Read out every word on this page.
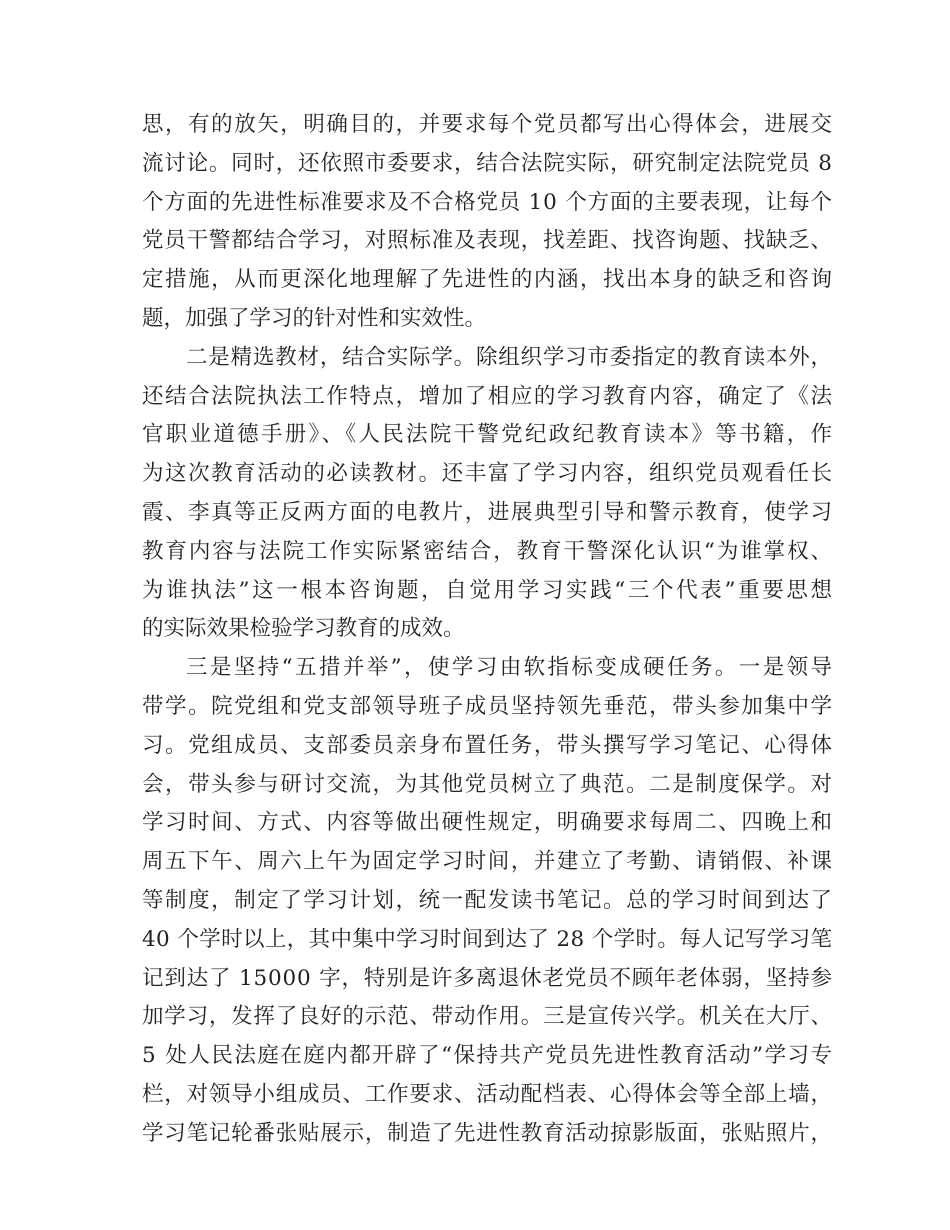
思，有的放矢，明确目的，并要求每个党员都写出心得体会，进展交
流讨论。同时，还依照市委要求，结合法院实际，研究制定法院党员 8
个方面的先进性标准要求及不合格党员 10 个方面的主要表现，让每个
党员干警都结合学习，对照标准及表现，找差距、找咨询题、找缺乏、
定措施，从而更深化地理解了先进性的内涵，找出本身的缺乏和咨询
题，加强了学习的针对性和实效性。
二是精选教材，结合实际学。除组织学习市委指定的教育读本外，
还结合法院执法工作特点，增加了相应的学习教育内容，确定了《法
官职业道德手册》、《人民法院干警党纪政纪教育读本》等书籍，作
为这次教育活动的必读教材。还丰富了学习内容，组织党员观看任长
霞、李真等正反两方面的电教片，进展典型引导和警示教育，使学习
教育内容与法院工作实际紧密结合，教育干警深化认识“为谁掌权、
为谁执法”这一根本咨询题，自觉用学习实践“三个代表”重要思想
的实际效果检验学习教育的成效。
三是坚持“五措并举”，使学习由软指标变成硬任务。一是领导
带学。院党组和党支部领导班子成员坚持领先垂范，带头参加集中学
习。党组成员、支部委员亲身布置任务，带头撰写学习笔记、心得体
会，带头参与研讨交流，为其他党员树立了典范。二是制度保学。对
学习时间、方式、内容等做出硬性规定，明确要求每周二、四晚上和
周五下午、周六上午为固定学习时间，并建立了考勤、请销假、补课
等制度，制定了学习计划，统一配发读书笔记。总的学习时间到达了
40 个学时以上，其中集中学习时间到达了 28 个学时。每人记写学习笔
记到达了 15000 字，特别是许多离退休老党员不顾年老体弱，坚持参
加学习，发挥了良好的示范、带动作用。三是宣传兴学。机关在大厅、
5 处人民法庭在庭内都开辟了“保持共产党员先进性教育活动”学习专
栏，对领导小组成员、工作要求、活动配档表、心得体会等全部上墙，
学习笔记轮番张贴展示，制造了先进性教育活动掠影版面，张贴照片，
